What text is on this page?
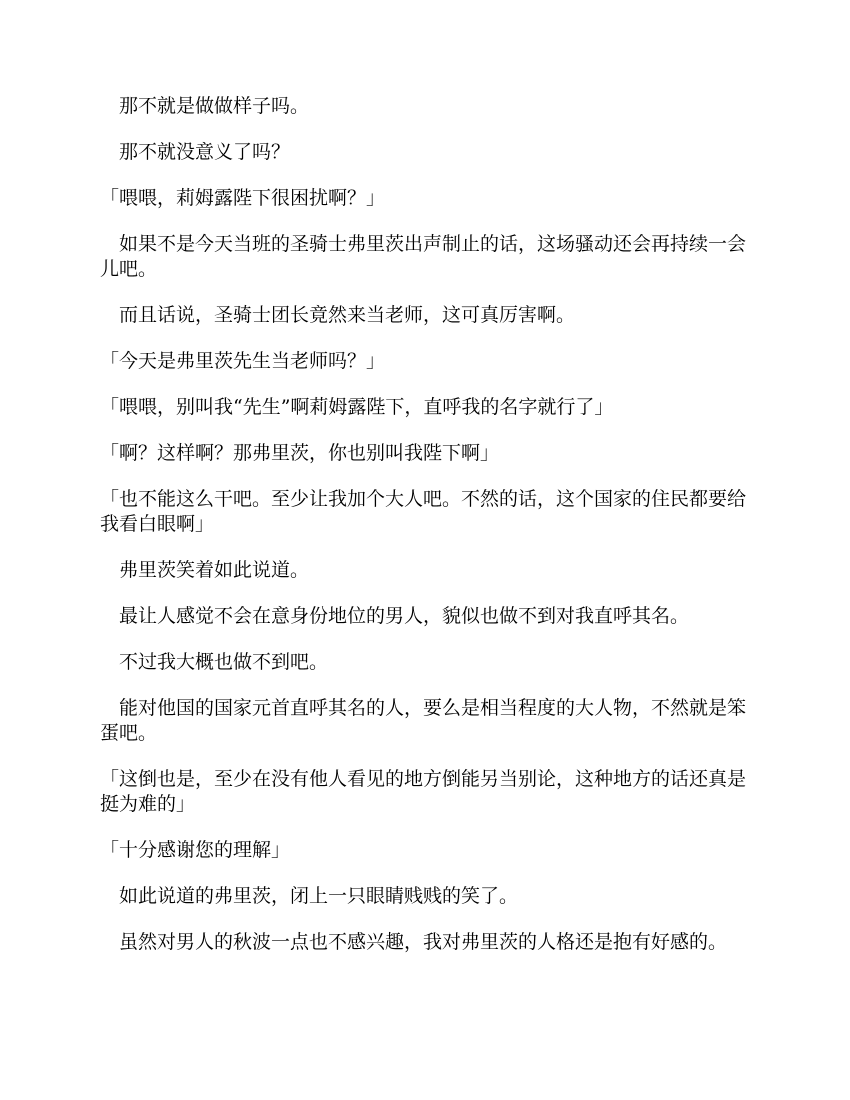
　那不就是做做样子吗。

　那不就没意义了吗？

「喂喂，莉姆露陛下很困扰啊？」

　如果不是今天当班的圣骑士弗里茨出声制止的话，这场骚动还会再持续一会儿吧。

　而且话说，圣骑士团长竟然来当老师，这可真厉害啊。

「今天是弗里茨先生当老师吗？」

「喂喂，别叫我“先生”啊莉姆露陛下，直呼我的名字就行了」

「啊？这样啊？那弗里茨，你也别叫我陛下啊」

「也不能这么干吧。至少让我加个大人吧。不然的话，这个国家的住民都要给我看白眼啊」

　弗里茨笑着如此说道。

　最让人感觉不会在意身份地位的男人，貌似也做不到对我直呼其名。

　不过我大概也做不到吧。

　能对他国的国家元首直呼其名的人，要么是相当程度的大人物，不然就是笨蛋吧。

「这倒也是，至少在没有他人看见的地方倒能另当别论，这种地方的话还真是挺为难的」

「十分感谢您的理解」

　如此说道的弗里茨，闭上一只眼睛贱贱的笑了。

　虽然对男人的秋波一点也不感兴趣，我对弗里茨的人格还是抱有好感的。
